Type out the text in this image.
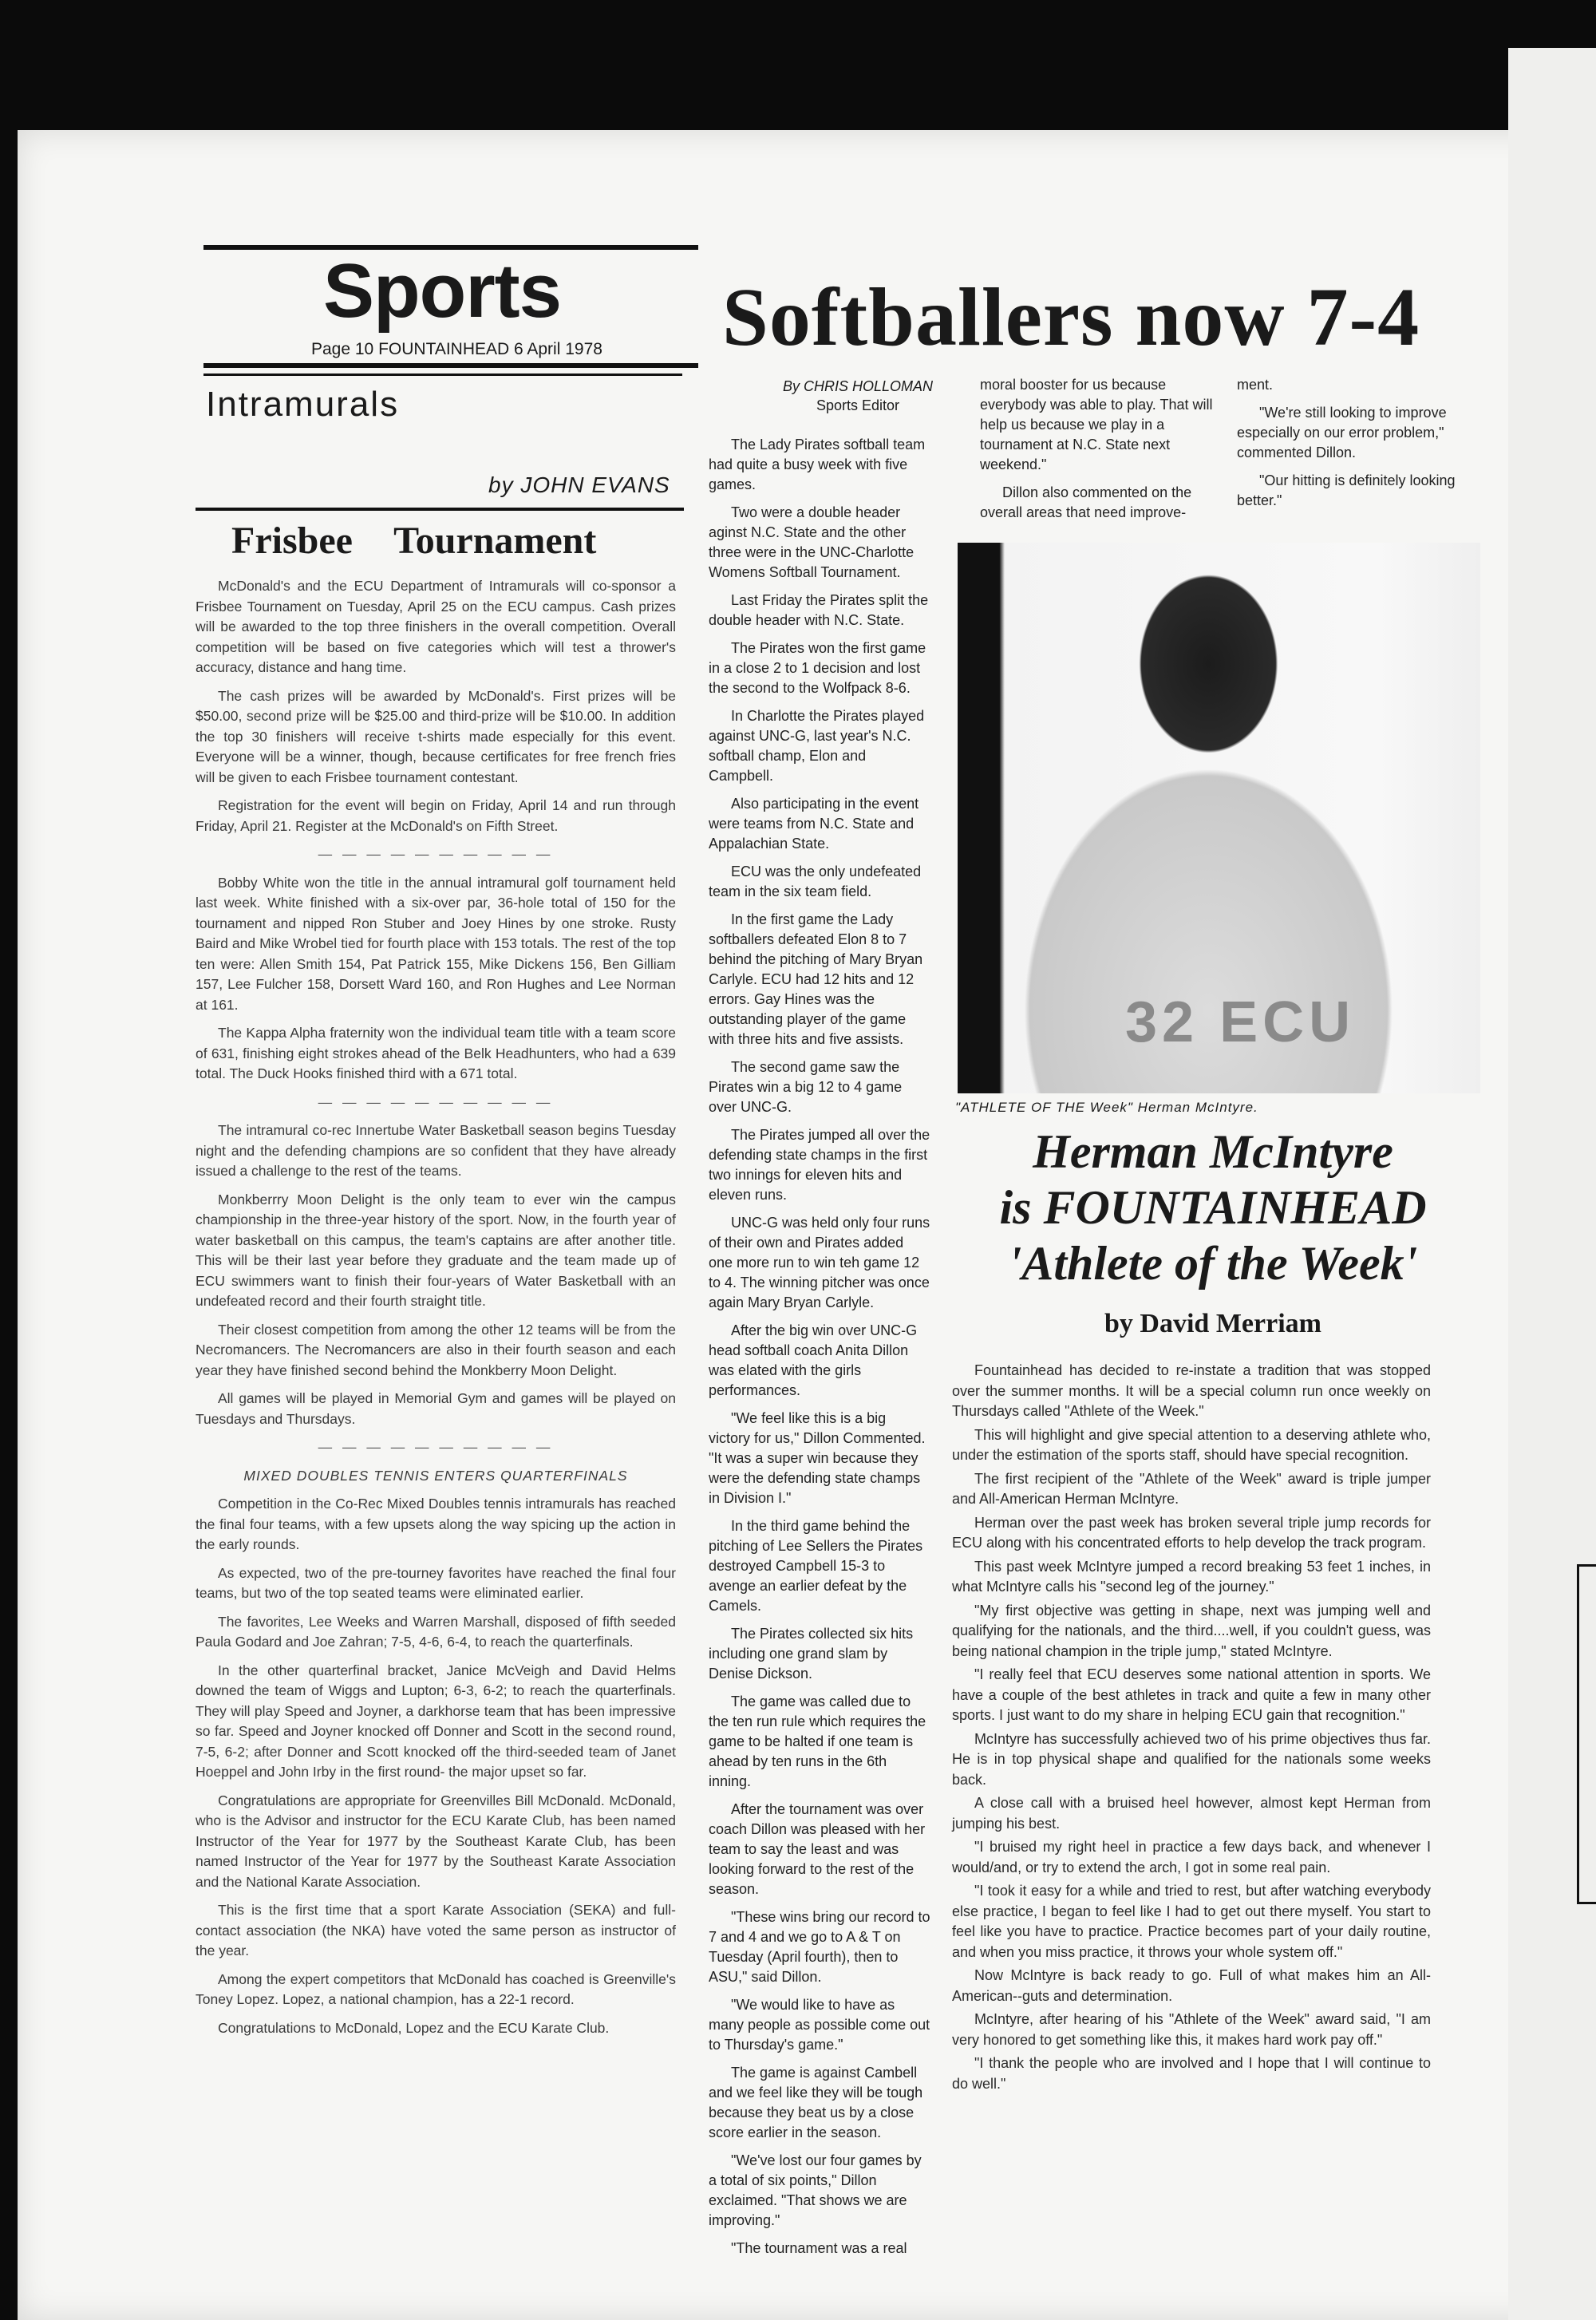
Sports
Page 10 FOUNTAINHEAD 6 April 1978
Intramurals
by JOHN EVANS
Frisbee Tournament

McDonald's and the ECU Department of Intramurals will co-sponsor a Frisbee Tournament on Tuesday, April 25 on the ECU campus. Cash prizes will be awarded to the top three finishers in the overall competition. Overall competition will be based on five categories which will test a thrower's accuracy, distance and hang time.

The cash prizes will be awarded by McDonald's. First prizes will be $50.00, second prize will be $25.00 and third-prize will be $10.00. In addition the top 30 finishers will receive t-shirts made especially for this event. Everyone will be a winner, though, because certificates for free french fries will be given to each Frisbee tournament contestant.

Registration for the event will begin on Friday, April 14 and run through Friday, April 21. Register at the McDonald's on Fifth Street.

— — — — — — — — — —

Bobby White won the title in the annual intramural golf tournament held last week. White finished with a six-over par, 36-hole total of 150 for the tournament and nipped Ron Stuber and Joey Hines by one stroke. Rusty Baird and Mike Wrobel tied for fourth place with 153 totals. The rest of the top ten were: Allen Smith 154, Pat Patrick 155, Mike Dickens 156, Ben Gilliam 157, Lee Fulcher 158, Dorsett Ward 160, and Ron Hughes and Lee Norman at 161.

The Kappa Alpha fraternity won the individual team title with a team score of 631, finishing eight strokes ahead of the Belk Headhunters, who had a 639 total. The Duck Hooks finished third with a 671 total.

— — — — — — — — — —

The intramural co-rec Innertube Water Basketball season begins Tuesday night and the defending champions are so confident that they have already issued a challenge to the rest of the teams.

Monkberrry Moon Delight is the only team to ever win the campus championship in the three-year history of the sport. Now, in the fourth year of water basketball on this campus, the team's captains are after another title. This will be their last year before they graduate and the team made up of ECU swimmers want to finish their four-years of Water Basketball with an undefeated record and their fourth straight title.

Their closest competition from among the other 12 teams will be from the Necromancers. The Necromancers are also in their fourth season and each year they have finished second behind the Monkberry Moon Delight.

All games will be played in Memorial Gym and games will be played on Tuesdays and Thursdays.

— — — — — — — — — —

MIXED DOUBLES TENNIS ENTERS QUARTERFINALS

Competition in the Co-Rec Mixed Doubles tennis intramurals has reached the final four teams, with a few upsets along the way spicing up the action in the early rounds.

As expected, two of the pre-tourney favorites have reached the final four teams, but two of the top seated teams were eliminated earlier.

The favorites, Lee Weeks and Warren Marshall, disposed of fifth seeded Paula Godard and Joe Zahran; 7-5, 4-6, 6-4, to reach the quarterfinals.

In the other quarterfinal bracket, Janice McVeigh and David Helms downed the team of Wiggs and Lupton; 6-3, 6-2; to reach the quarterfinals. They will play Speed and Joyner, a darkhorse team that has been impressive so far. Speed and Joyner knocked off Donner and Scott in the second round, 7-5, 6-2; after Donner and Scott knocked off the third-seeded team of Janet Hoeppel and John Irby in the first round- the major upset so far.

Congratulations are appropriate for Greenvilles Bill McDonald. McDonald, who is the Advisor and instructor for the ECU Karate Club, has been named Instructor of the Year for 1977 by the Southeast Karate Club, has been named Instructor of the Year for 1977 by the Southeast Karate Association and the National Karate Association.

This is the first time that a sport Karate Association (SEKA) and full-contact association (the NKA) have voted the same person as instructor of the year.

Among the expert competitors that McDonald has coached is Greenville's Toney Lopez. Lopez, a national champion, has a 22-1 record.

Congratulations to McDonald, Lopez and the ECU Karate Club.

Softballers now 7-4
By CHRIS HOLLOMAN
Sports Editor

The Lady Pirates softball team had quite a busy week with five games.

Two were a double header aginst N.C. State and the other three were in the UNC-Charlotte Womens Softball Tournament.

Last Friday the Pirates split the double header with N.C. State.

The Pirates won the first game in a close 2 to 1 decision and lost the second to the Wolfpack 8-6.

In Charlotte the Pirates played against UNC-G, last year's N.C. softball champ, Elon and Campbell.

Also participating in the event were teams from N.C. State and Appalachian State.

ECU was the only undefeated team in the six team field.

In the first game the Lady softballers defeated Elon 8 to 7 behind the pitching of Mary Bryan Carlyle. ECU had 12 hits and 12 errors. Gay Hines was the outstanding player of the game with three hits and five assists.

The second game saw the Pirates win a big 12 to 4 game over UNC-G.

The Pirates jumped all over the defending state champs in the first two innings for eleven hits and eleven runs.

UNC-G was held only four runs of their own and Pirates added one more run to win teh game 12 to 4. The winning pitcher was once again Mary Bryan Carlyle.

After the big win over UNC-G head softball coach Anita Dillon was elated with the girls performances.

"We feel like this is a big victory for us," Dillon Commented. "It was a super win because they were the defending state champs in Division I."

In the third game behind the pitching of Lee Sellers the Pirates destroyed Campbell 15-3 to avenge an earlier defeat by the Camels.

The Pirates collected six hits including one grand slam by Denise Dickson.

The game was called due to the ten run rule which requires the game to be halted if one team is ahead by ten runs in the 6th inning.

After the tournament was over coach Dillon was pleased with her team to say the least and was looking forward to the rest of the season.

"These wins bring our record to 7 and 4 and we go to A & T on Tuesday (April fourth), then to ASU," said Dillon.

"We would like to have as many people as possible come out to Thursday's game."

The game is against Cambell and we feel like they will be tough because they beat us by a close score earlier in the season.

"We've lost our four games by a total of six points," Dillon exclaimed. "That shows we are improving."

"The tournament was a real

moral booster for us because everybody was able to play. That will help us because we play in a tournament at N.C. State next weekend."

Dillon also commented on the overall areas that need improve-

ment.

"We're still looking to improve especially on our error problem," commented Dillon.

"Our hitting is definitely looking better."

32 ECU
"ATHLETE OF THE Week" Herman McIntyre.
Herman McIntyre
is FOUNTAINHEAD
'Athlete of the Week'
by David Merriam

Fountainhead has decided to re-instate a tradition that was stopped over the summer months. It will be a special column run once weekly on Thursdays called "Athlete of the Week."

This will highlight and give special attention to a deserving athlete who, under the estimation of the sports staff, should have special recognition.

The first recipient of the "Athlete of the Week" award is triple jumper and All-American Herman McIntyre.

Herman over the past week has broken several triple jump records for ECU along with his concentrated efforts to help develop the track program.

This past week McIntyre jumped a record breaking 53 feet 1 inches, in what McIntyre calls his "second leg of the journey."

"My first objective was getting in shape, next was jumping well and qualifying for the nationals, and the third....well, if you couldn't guess, was being national champion in the triple jump," stated McIntyre.

"I really feel that ECU deserves some national attention in sports. We have a couple of the best athletes in track and quite a few in many other sports. I just want to do my share in helping ECU gain that recognition."

McIntyre has successfully achieved two of his prime objectives thus far. He is in top physical shape and qualified for the nationals some weeks back.

A close call with a bruised heel however, almost kept Herman from jumping his best.

"I bruised my right heel in practice a few days back, and whenever I would/and, or try to extend the arch, I got in some real pain.

"I took it easy for a while and tried to rest, but after watching everybody else practice, I began to feel like I had to get out there myself. You start to feel like you have to practice. Practice becomes part of your daily routine, and when you miss practice, it throws your whole system off."

Now McIntyre is back ready to go. Full of what makes him an All-American--guts and determination.

McIntyre, after hearing of his "Athlete of the Week" award said, "I am very honored to get something like this, it makes hard work pay off."

"I thank the people who are involved and I hope that I will continue to do well."
